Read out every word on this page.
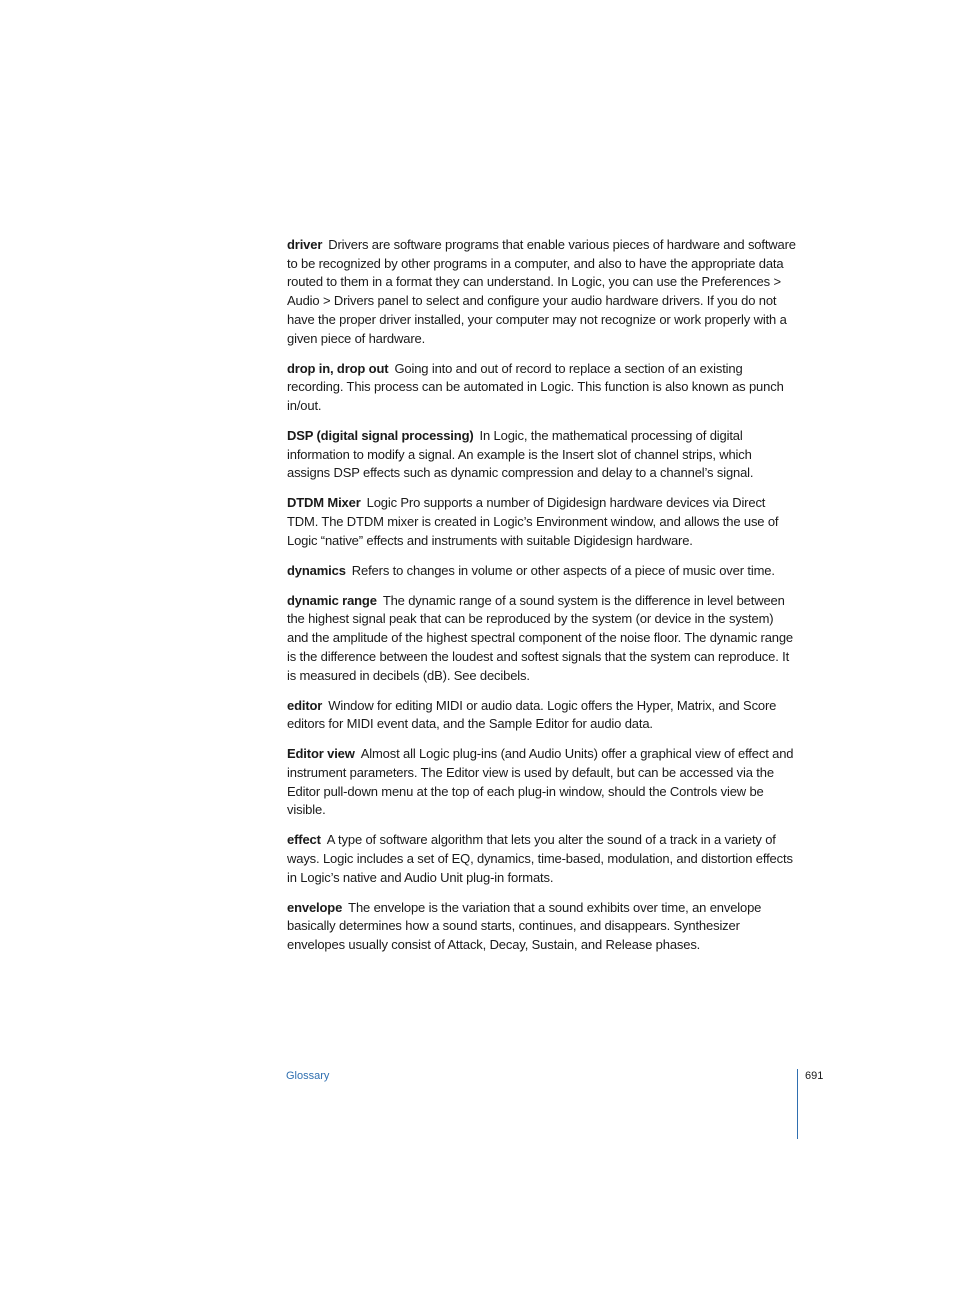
driver Drivers are software programs that enable various pieces of hardware and software to be recognized by other programs in a computer, and also to have the appropriate data routed to them in a format they can understand. In Logic, you can use the Preferences > Audio > Drivers panel to select and configure your audio hardware drivers. If you do not have the proper driver installed, your computer may not recognize or work properly with a given piece of hardware.

drop in, drop out Going into and out of record to replace a section of an existing recording. This process can be automated in Logic. This function is also known as punch in/out.

DSP (digital signal processing) In Logic, the mathematical processing of digital information to modify a signal. An example is the Insert slot of channel strips, which assigns DSP effects such as dynamic compression and delay to a channel’s signal.

DTDM Mixer Logic Pro supports a number of Digidesign hardware devices via Direct TDM. The DTDM mixer is created in Logic’s Environment window, and allows the use of Logic “native” effects and instruments with suitable Digidesign hardware.

dynamics Refers to changes in volume or other aspects of a piece of music over time.

dynamic range The dynamic range of a sound system is the difference in level between the highest signal peak that can be reproduced by the system (or device in the system) and the amplitude of the highest spectral component of the noise floor. The dynamic range is the difference between the loudest and softest signals that the system can reproduce. It is measured in decibels (dB). See decibels.

editor Window for editing MIDI or audio data. Logic offers the Hyper, Matrix, and Score editors for MIDI event data, and the Sample Editor for audio data.

Editor view Almost all Logic plug-ins (and Audio Units) offer a graphical view of effect and instrument parameters. The Editor view is used by default, but can be accessed via the Editor pull-down menu at the top of each plug-in window, should the Controls view be visible.

effect A type of software algorithm that lets you alter the sound of a track in a variety of ways. Logic includes a set of EQ, dynamics, time-based, modulation, and distortion effects in Logic’s native and Audio Unit plug-in formats.

envelope The envelope is the variation that a sound exhibits over time, an envelope basically determines how a sound starts, continues, and disappears. Synthesizer envelopes usually consist of Attack, Decay, Sustain, and Release phases.

Glossary	691
